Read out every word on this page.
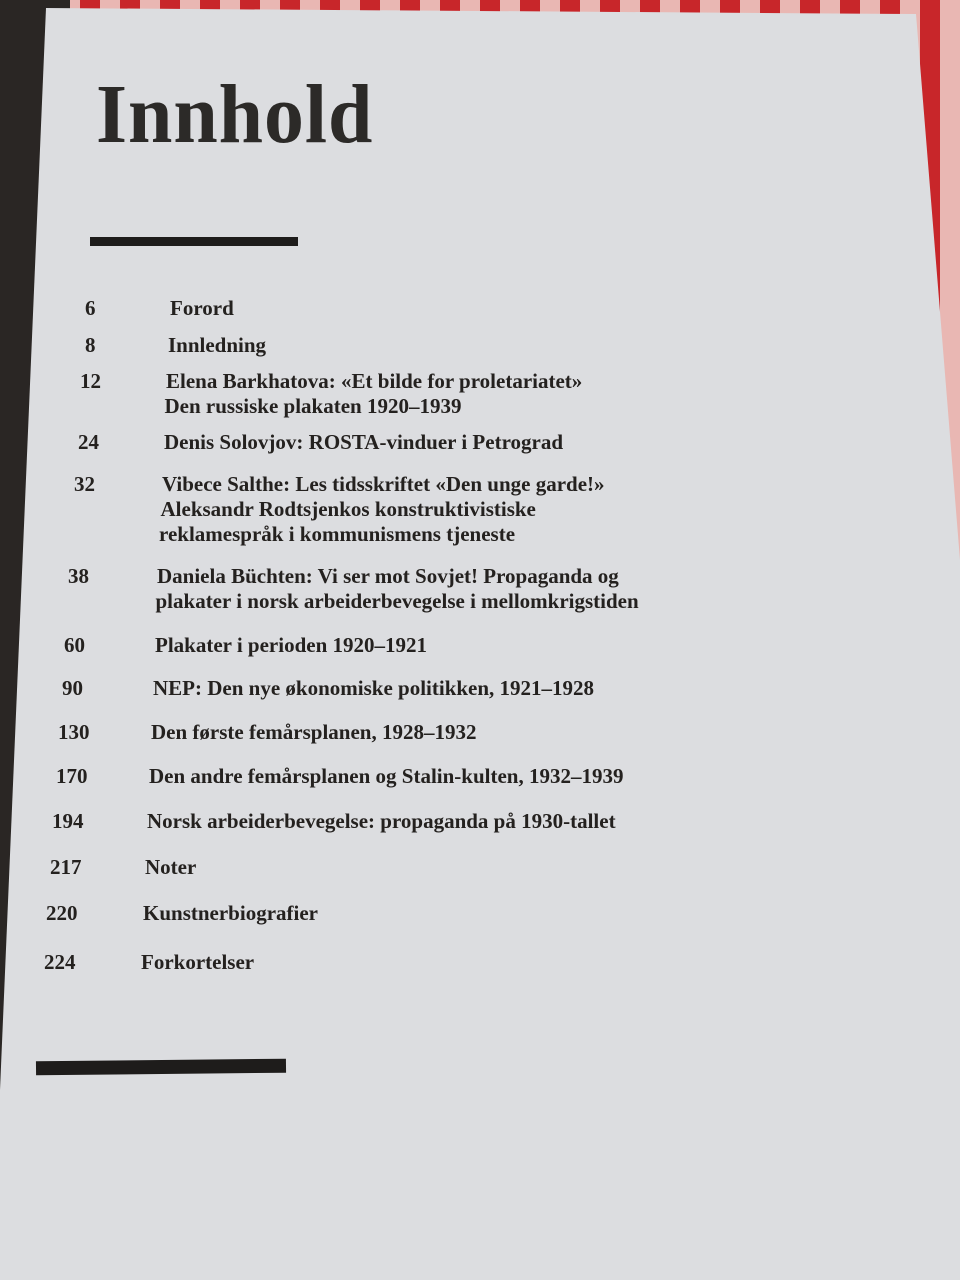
Innhold
6	Forord
8	Innledning
12	Elena Barkhatova: «Et bilde for proletariatet»
Den russiske plakaten 1920–1939
24	Denis Solovjov: ROSTA-vinduer i Petrograd
32	Vibece Salthe: Les tidsskriftet «Den unge garde!»
Aleksandr Rodtsjenkos konstruktivistiske
reklamespråk i kommunismens tjeneste
38	Daniela Büchten: Vi ser mot Sovjet! Propaganda og
plakater i norsk arbeiderbevegelse i mellomkrigstiden
60	Plakater i perioden 1920–1921
90	NEP: Den nye økonomiske politikken, 1921–1928
130	Den første femårsplanen, 1928–1932
170	Den andre femårsplanen og Stalin-kulten, 1932–1939
194	Norsk arbeiderbevegelse: propaganda på 1930-tallet
217	Noter
220	Kunstnerbiografier
224	Forkortelser
